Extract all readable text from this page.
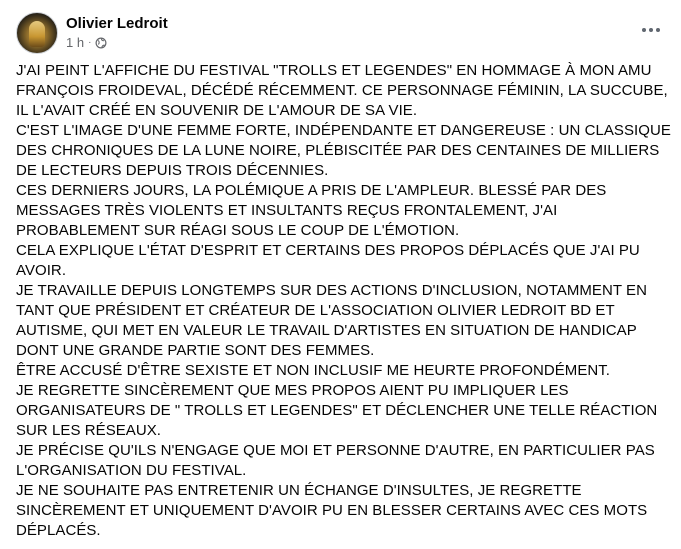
Olivier Ledroit
1 h ·
J'AI PEINT L'AFFICHE DU FESTIVAL "TROLLS ET LEGENDES" EN HOMMAGE À MON AMU
FRANÇOIS FROIDEVAL, DÉCÉDÉ RÉCEMMENT. CE PERSONNAGE FÉMININ, LA SUCCUBE,
IL L'AVAIT CRÉÉ EN SOUVENIR DE L'AMOUR DE SA VIE.
C'EST L'IMAGE D'UNE FEMME FORTE, INDÉPENDANTE ET DANGEREUSE : UN CLASSIQUE
DES CHRONIQUES DE LA LUNE NOIRE, PLÉBISCITÉE PAR DES CENTAINES DE MILLIERS
DE LECTEURS DEPUIS TROIS DÉCENNIES.
CES DERNIERS JOURS, LA POLÉMIQUE A PRIS DE L'AMPLEUR. BLESSÉ PAR DES
MESSAGES TRÈS VIOLENTS ET INSULTANTS REÇUS FRONTALEMENT, J'AI
PROBABLEMENT SUR RÉAGI SOUS LE COUP DE L'ÉMOTION.
CELA EXPLIQUE L'ÉTAT D'ESPRIT ET CERTAINS DES PROPOS DÉPLACÉS QUE J'AI PU
AVOIR.
JE TRAVAILLE DEPUIS LONGTEMPS SUR DES ACTIONS D'INCLUSION, NOTAMMENT EN
TANT QUE PRÉSIDENT ET CRÉATEUR DE L'ASSOCIATION OLIVIER LEDROIT BD ET
AUTISME, QUI MET EN VALEUR LE TRAVAIL D'ARTISTES EN SITUATION DE HANDICAP
DONT UNE GRANDE PARTIE SONT DES FEMMES.
ÊTRE ACCUSÉ D'ÊTRE SEXISTE ET NON INCLUSIF ME HEURTE PROFONDÉMENT.
JE REGRETTE SINCÈREMENT QUE MES PROPOS AIENT PU IMPLIQUER LES
ORGANISATEURS DE " TROLLS ET LEGENDES" ET DÉCLENCHER UNE TELLE RÉACTION
SUR LES RÉSEAUX.
JE PRÉCISE QU'ILS N'ENGAGE QUE MOI ET PERSONNE D'AUTRE, EN PARTICULIER PAS
L'ORGANISATION DU FESTIVAL.
JE NE SOUHAITE PAS ENTRETENIR UN ÉCHANGE D'INSULTES, JE REGRETTE
SINCÈREMENT ET UNIQUEMENT D'AVOIR PU EN BLESSER CERTAINS AVEC CES MOTS
DÉPLACÉS.
